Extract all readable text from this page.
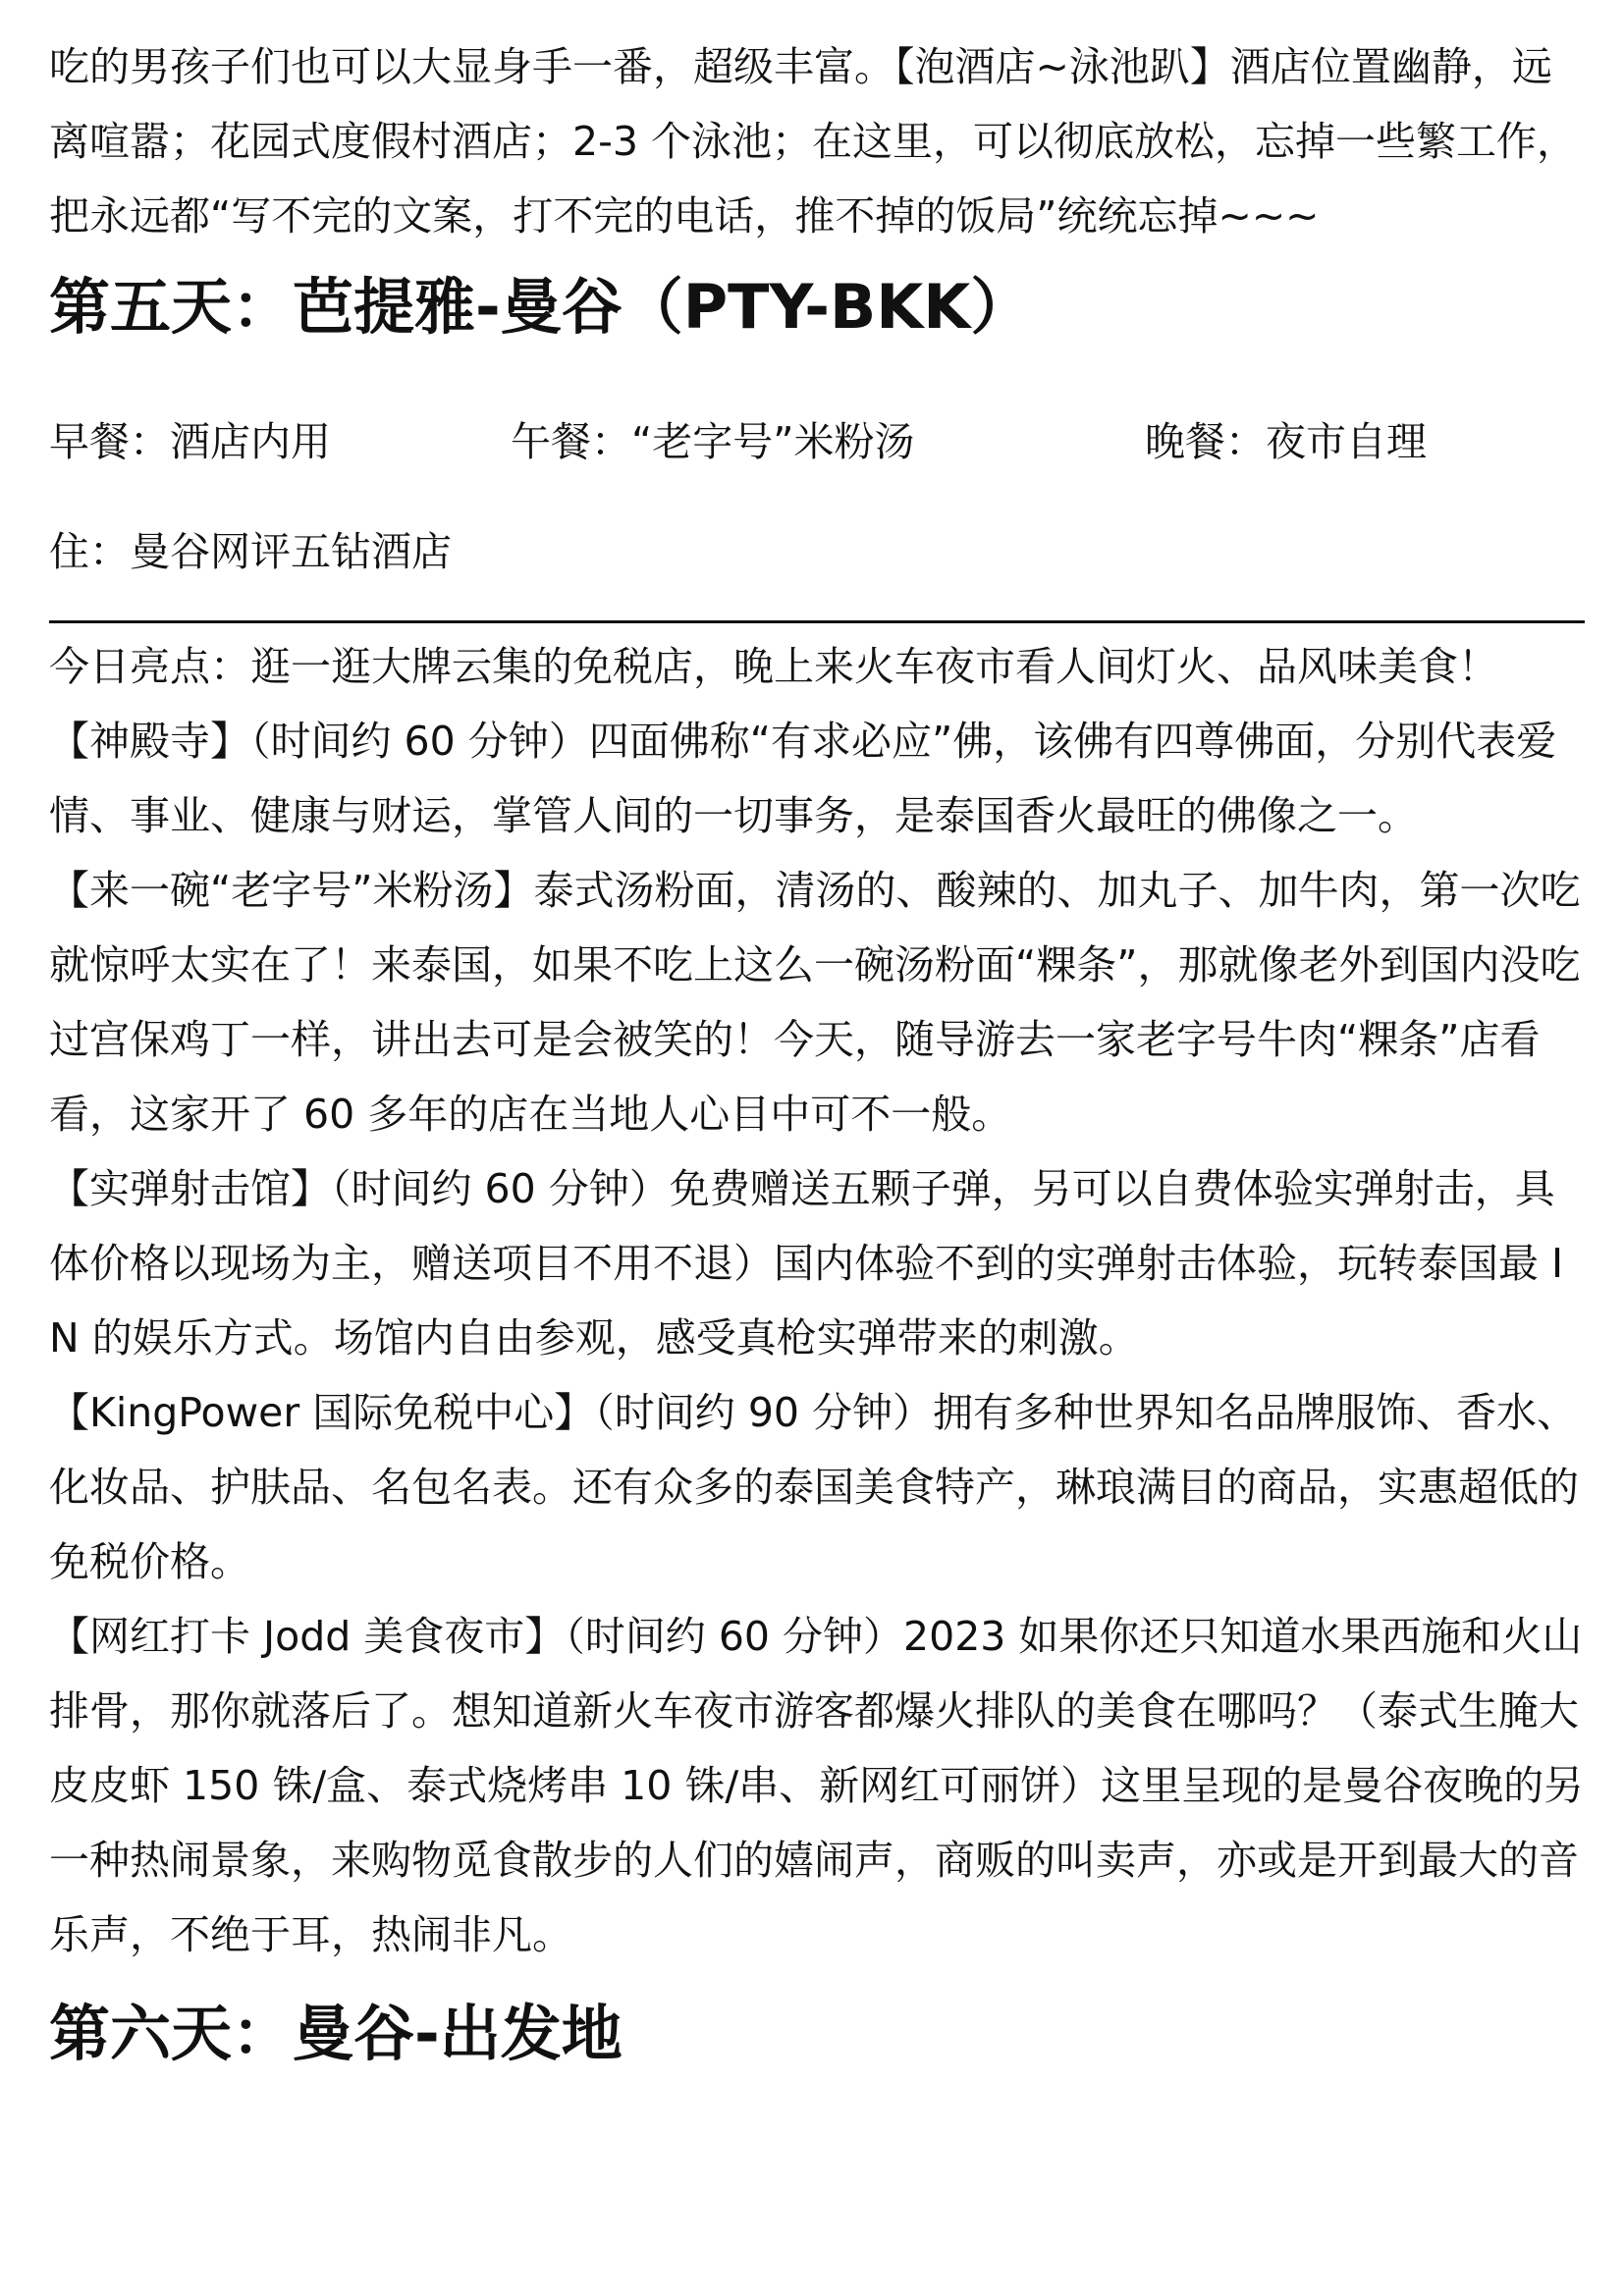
吃的男孩子们也可以大显身手一番，超级丰富。【泡酒店~泳池趴】酒店位置幽静，远离喧嚣；花园式度假村酒店；2-3 个泳池；在这里，可以彻底放松，忘掉一些繁工作，把永远都“写不完的文案，打不完的电话，推不掉的饭局”统统忘掉~~~

第五天：芭提雅-曼谷（PTY-BKK）
早餐：酒店内用	午餐：“老字号”米粉汤	晚餐：夜市自理
住：曼谷网评五钻酒店

今日亮点：逛一逛大牌云集的免税店，晚上来火车夜市看人间灯火、品风味美食！

【神殿寺】（时间约 60 分钟）四面佛称“有求必应”佛，该佛有四尊佛面，分别代表爱情、事业、健康与财运，掌管人间的一切事务，是泰国香火最旺的佛像之一。

【来一碗“老字号”米粉汤】泰式汤粉面，清汤的、酸辣的、加丸子、加牛肉，第一次吃就惊呼太实在了！来泰国，如果不吃上这么一碗汤粉面“粿条”，那就像老外到国内没吃过宫保鸡丁一样，讲出去可是会被笑的！今天，随导游去一家老字号牛肉“粿条”店看看，这家开了 60 多年的店在当地人心目中可不一般。

【实弹射击馆】（时间约 60 分钟）免费赠送五颗子弹，另可以自费体验实弹射击，具体价格以现场为主，赠送项目不用不退）国内体验不到的实弹射击体验，玩转泰国最 IN 的娱乐方式。场馆内自由参观，感受真枪实弹带来的刺激。

【KingPower 国际免税中心】（时间约 90 分钟）拥有多种世界知名品牌服饰、香水、化妆品、护肤品、名包名表。还有众多的泰国美食特产，琳琅满目的商品，实惠超低的免税价格。

【网红打卡 Jodd 美食夜市】（时间约 60 分钟）2023 如果你还只知道水果西施和火山排骨，那你就落后了。想知道新火车夜市游客都爆火排队的美食在哪吗？（泰式生腌大皮皮虾 150 铢/盒、泰式烧烤串 10 铢/串、新网红可丽饼）这里呈现的是曼谷夜晚的另一种热闹景象，来购物觅食散步的人们的嬉闹声，商贩的叫卖声，亦或是开到最大的音乐声，不绝于耳，热闹非凡。

第六天：曼谷-出发地
